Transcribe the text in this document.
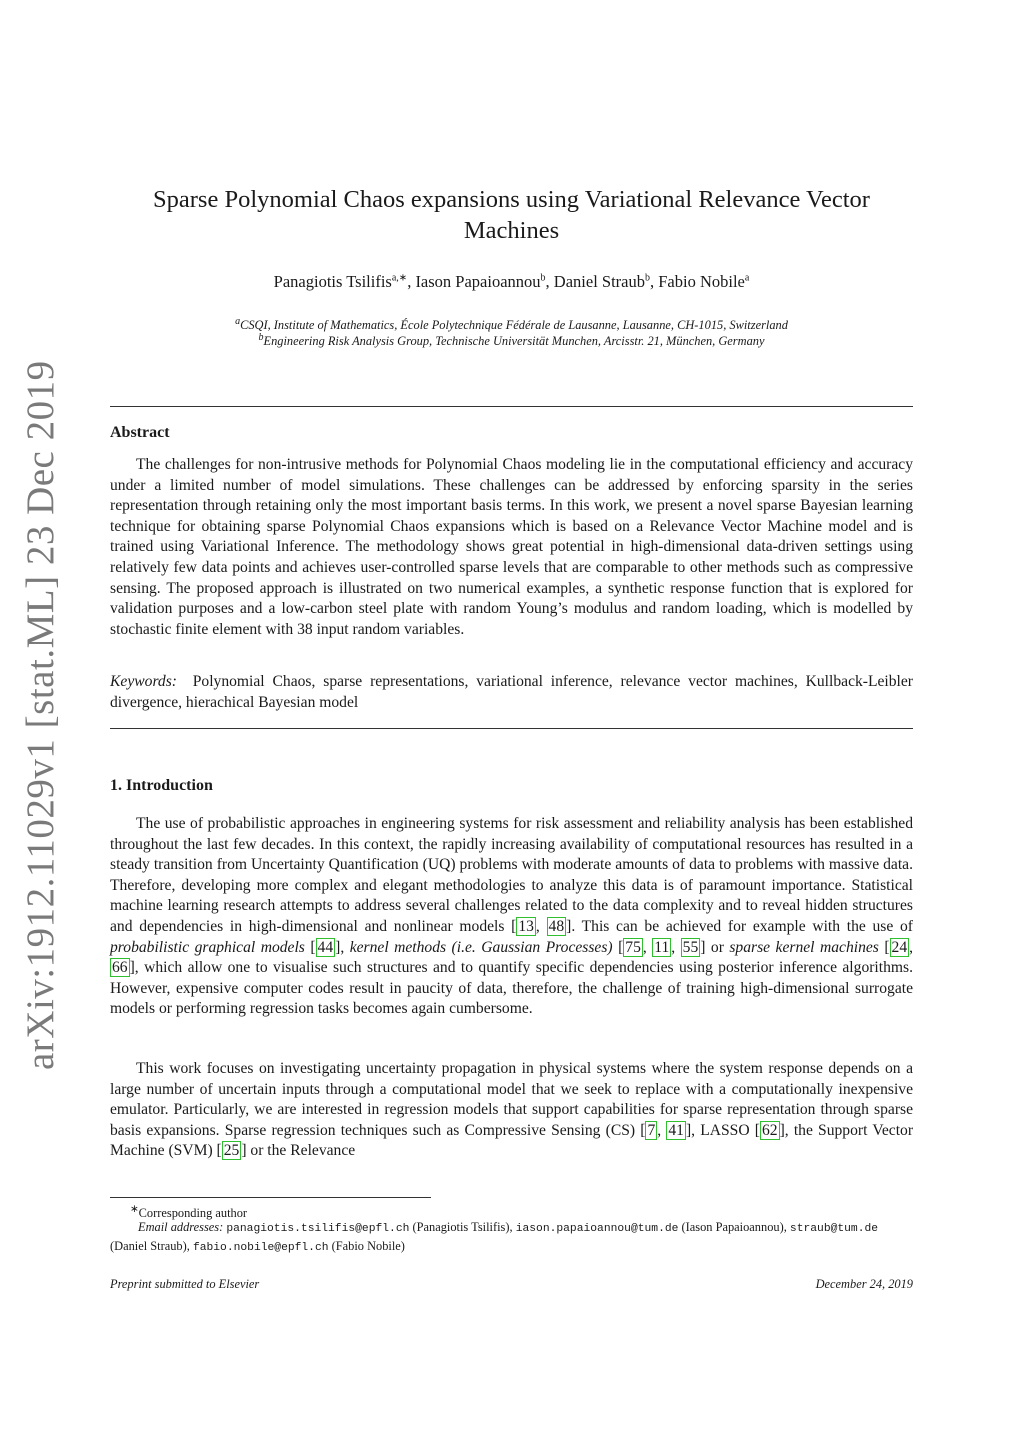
arXiv:1912.11029v1 [stat.ML] 23 Dec 2019
Sparse Polynomial Chaos expansions using Variational Relevance Vector Machines
Panagiotis Tsilifis$^{a,∗}$, Iason Papaioannou$^b$, Daniel Straub$^b$, Fabio Nobile$^a$
$^a$CSQI, Institute of Mathematics, École Polytechnique Fédérale de Lausanne, Lausanne, CH-1015, Switzerland
$^b$Engineering Risk Analysis Group, Technische Universität Munchen, Arcisstr. 21, München, Germany
Abstract

The challenges for non-intrusive methods for Polynomial Chaos modeling lie in the computational efficiency and accuracy under a limited number of model simulations. These challenges can be addressed by enforcing sparsity in the series representation through retaining only the most important basis terms. In this work, we present a novel sparse Bayesian learning technique for obtaining sparse Polynomial Chaos expansions which is based on a Relevance Vector Machine model and is trained using Variational Inference. The methodology shows great potential in high-dimensional data-driven settings using relatively few data points and achieves user-controlled sparse levels that are comparable to other methods such as compressive sensing. The proposed approach is illustrated on two numerical examples, a synthetic response function that is explored for validation purposes and a low-carbon steel plate with random Young’s modulus and random loading, which is modelled by stochastic finite element with 38 input random variables.

Keywords: Polynomial Chaos, sparse representations, variational inference, relevance vector machines, Kullback-Leibler divergence, hierachical Bayesian model

1. Introduction

The use of probabilistic approaches in engineering systems for risk assessment and reliability analysis has been established throughout the last few decades. In this context, the rapidly increasing availability of computational resources has resulted in a steady transition from Uncertainty Quantification (UQ) problems with moderate amounts of data to problems with massive data. Therefore, developing more complex and elegant methodologies to analyze this data is of paramount importance. Statistical machine learning research attempts to address several challenges related to the data complexity and to reveal hidden structures and dependencies in high-dimensional and nonlinear models [ 13 , 48 ]. This can be achieved for example with the use of probabilistic graphical models [ 44 ], kernel methods (i.e. Gaussian Processes) [ 75 , 11 , 55 ] or sparse kernel machines [ 24 , 66 ], which allow one to visualise such structures and to quantify specific dependencies using posterior inference algorithms. However, expensive computer codes result in paucity of data, therefore, the challenge of training high-dimensional surrogate models or performing regression tasks becomes again cumbersome.

This work focuses on investigating uncertainty propagation in physical systems where the system response depends on a large number of uncertain inputs through a computational model that we seek to replace with a computationally inexpensive emulator. Particularly, we are interested in regression models that support capabilities for sparse representation through sparse basis expansions. Sparse regression techniques such as Compressive Sensing (CS) [ 7 , 41 ], LASSO [ 62 ], the Support Vector Machine (SVM) [ 25 ] or the Relevance

∗Corresponding author

Email addresses: panagiotis.tsilifis@epfl.ch (Panagiotis Tsilifis), iason.papaioannou@tum.de (Iason Papaioannou), straub@tum.de (Daniel Straub), fabio.nobile@epfl.ch (Fabio Nobile)

Preprint submitted to Elsevier	December 24, 2019
